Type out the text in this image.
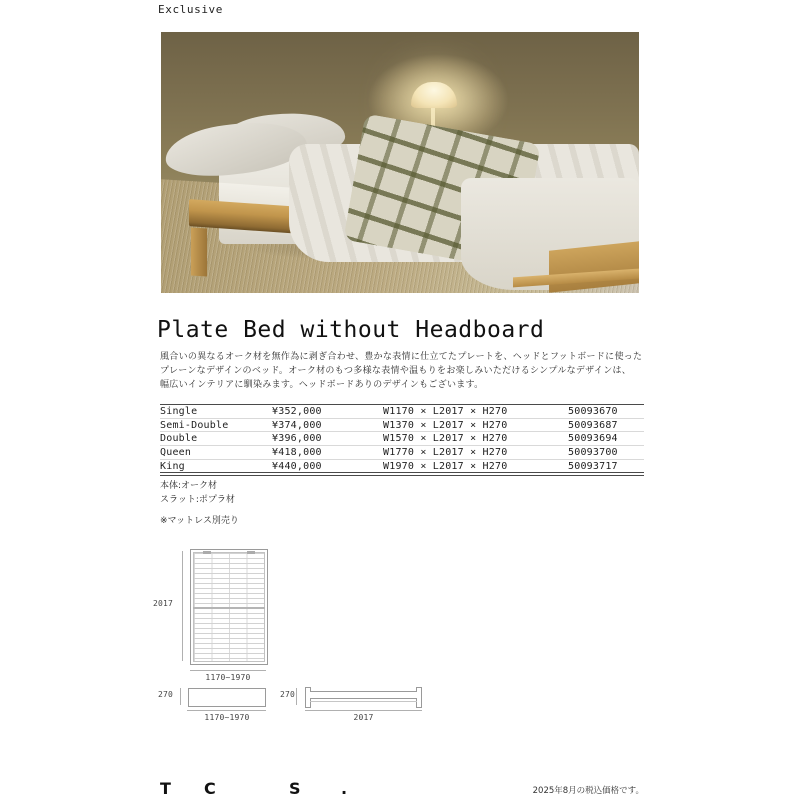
Exclusive
Plate Bed without Headboard
風合いの異なるオーク材を無作為に剥ぎ合わせ、豊かな表情に仕立てたプレートを、ヘッドとフットボードに使った
プレーンなデザインのベッド。オーク材のもつ多様な表情や温もりをお楽しみいただけるシンプルなデザインは、
幅広いインテリアに馴染みます。ヘッドボードありのデザインもございます。
Single	¥352,000	W1170 × L2017 × H270	50093670
Semi-Double	¥374,000	W1370 × L2017 × H270	50093687
Double	¥396,000	W1570 × L2017 × H270	50093694
Queen	¥418,000	W1770 × L2017 × H270	50093700
King	¥440,000	W1970 × L2017 × H270	50093717
本体:オーク材
スラット:ポプラ材
※マットレス別売り
2017
1170~1970
270
1170~1970
270
2017
T C	S	.	2025年8月の税込価格です。
